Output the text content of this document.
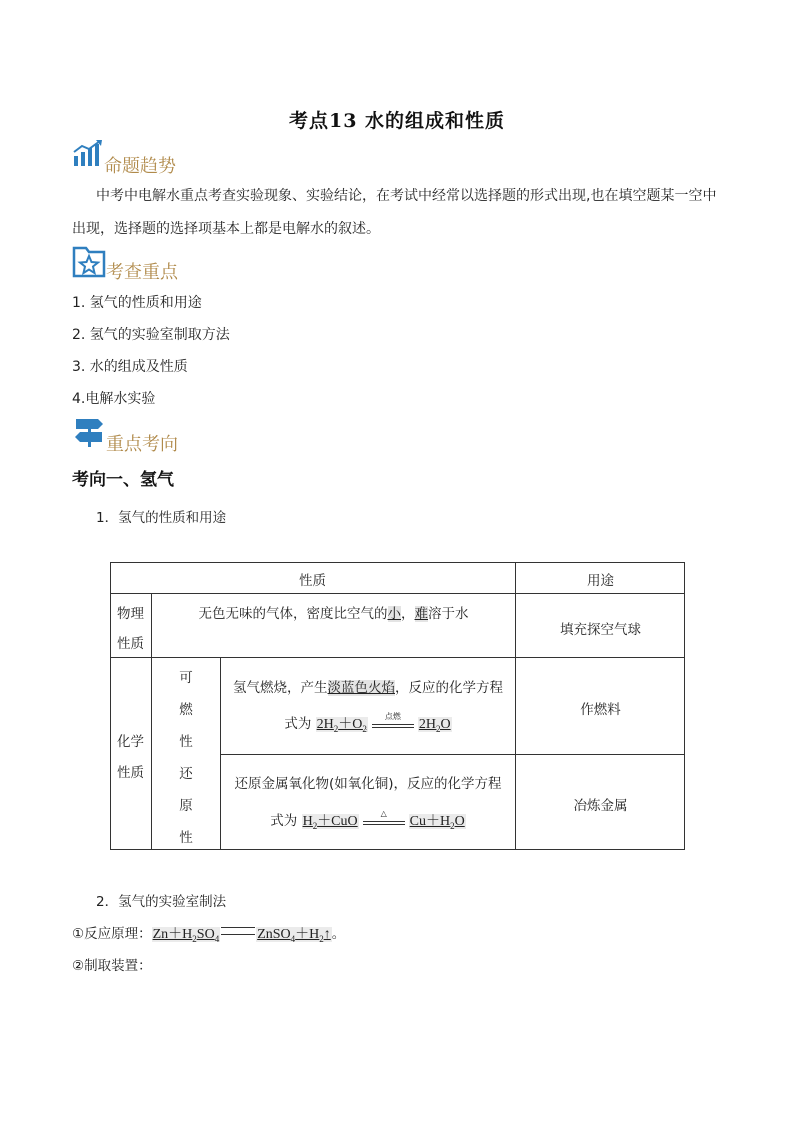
考点13 水的组成和性质
命题趋势
中考中电解水重点考查实验现象、实验结论，在考试中经常以选择题的形式出现,也在填空题某一空中
出现，选择题的选择项基本上都是电解水的叙述。
考查重点
1. 氢气的性质和用途
2. 氢气的实验室制取方法
3. 水的组成及性质
4.电解水实验
重点考向
考向一、氢气
1．氢气的性质和用途
性质	用途
物理
性质
无色无味的气体，密度比空气的小，难溶于水
填充探空气球
化学
性质
可
燃
性
氢气燃烧，产生淡蓝色火焰，反应的化学方程
式为 $2H_2+O_2$
点燃
$2H_2O$
作燃料
还
原
性
还原金属氧化物(如氧化铜)，反应的化学方程
式为 $H_2+CuO$
△
$Cu+H_2O$
冶炼金属
2．氢气的实验室制法
①反应原理：$Zn+H_2SO_4$	$ZnSO_4+H_2↑$。
②制取装置：
